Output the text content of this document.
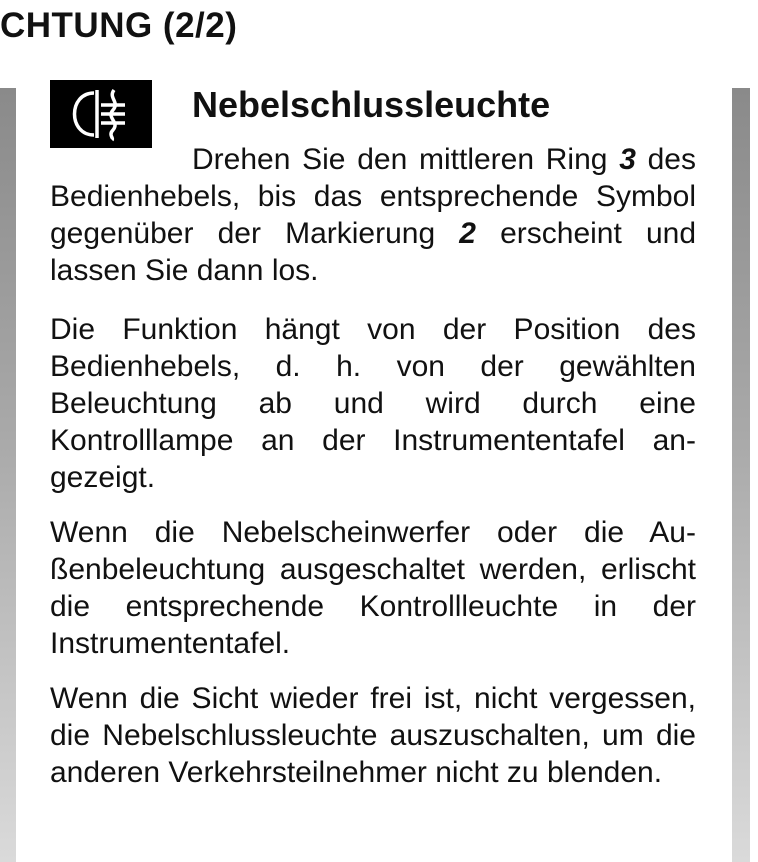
CHTUNG (2/2)
Nebelschlussleuchte

Drehen Sie den mittleren Ring 3 des Bedienhebels, bis das entsprechende Symbol gegenüber der Markierung 2 erscheint und lassen Sie dann los.

Die Funktion hängt von der Position des Bedienhebels, d. h. von der gewählten Beleuchtung ab und wird durch eine Kontrolllampe an der Instrumententafel angezeigt.

Wenn die Nebelscheinwerfer oder die Außenbeleuchtung ausgeschaltet werden, erlischt die entsprechende Kontrollleuchte in der Instrumententafel.

Wenn die Sicht wieder frei ist, nicht vergessen, die Nebelschlussleuchte auszuschalten, um die anderen Verkehrsteilnehmer nicht zu blenden.
